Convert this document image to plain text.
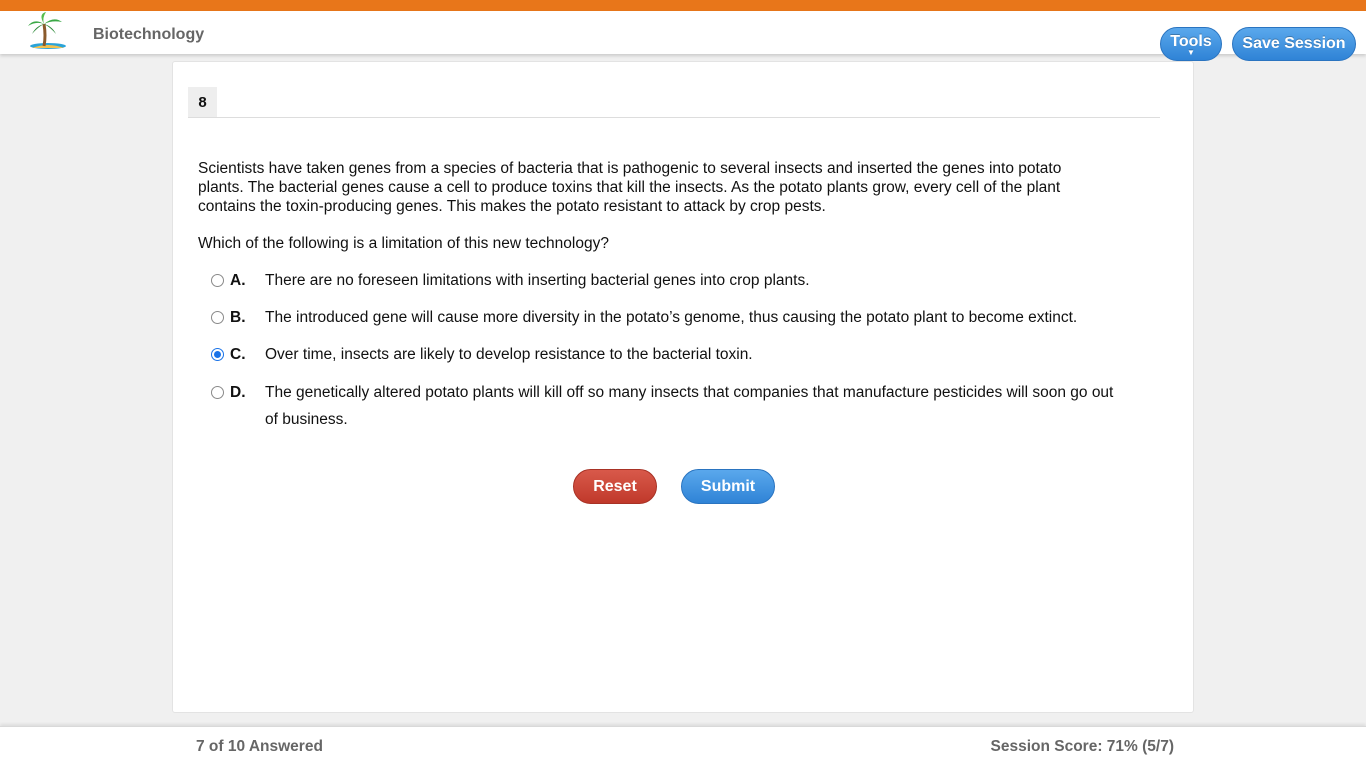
Biotechnology	Tools
▼	Save Session
8
Scientists have taken genes from a species of bacteria that is pathogenic to several insects and inserted the genes into potato plants. The bacterial genes cause a cell to produce toxins that kill the insects. As the potato plants grow, every cell of the plant contains the toxin-producing genes. This makes the potato resistant to attack by crop pests.
Which of the following is a limitation of this new technology?
A. There are no foreseen limitations with inserting bacterial genes into crop plants.
B. The introduced gene will cause more diversity in the potato’s genome, thus causing the potato plant to become extinct.
C. Over time, insects are likely to develop resistance to the bacterial toxin.
D. The genetically altered potato plants will kill off so many insects that companies that manufacture pesticides will soon go out of business.
Reset	Submit
7 of 10 Answered	Session Score: 71% (5/7)
